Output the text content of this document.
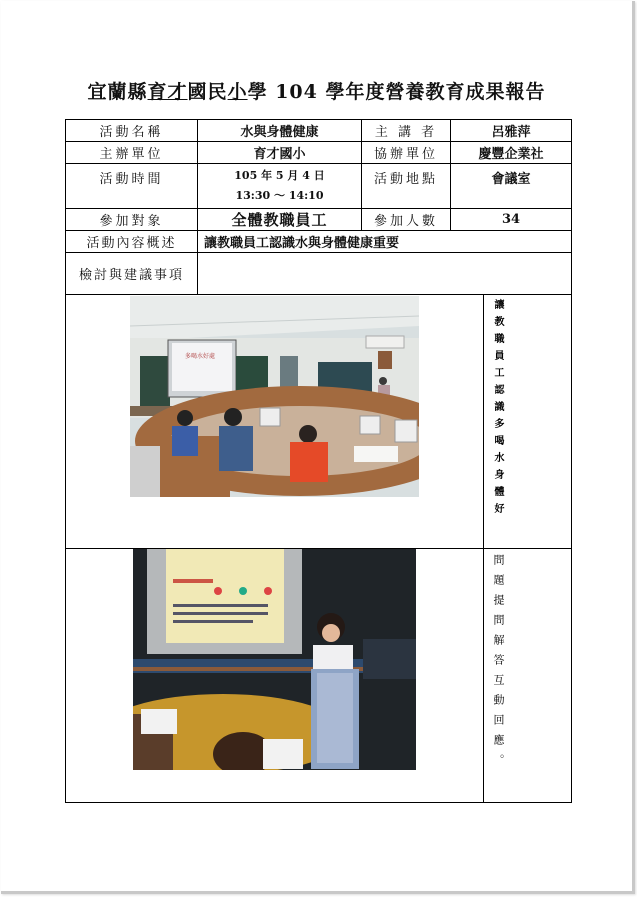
宜蘭縣育才國民小學 104 學年度營養教育成果報告
活動名稱	水與身體健康	主 講 者	呂雅萍
主辦單位	育才國小	協辦單位	慶豐企業社
活動時間	105 年 5 月 4 日
13:30 ～ 14:10
活動地點	會議室
參加對象	全體教職員工	參加人數	34
活動內容概述	讓教職員工認識水與身體健康重要
檢討與建議事項
多喝水好處	讓教職員工認識多喝水身體好
問題提問解答互動回應。
